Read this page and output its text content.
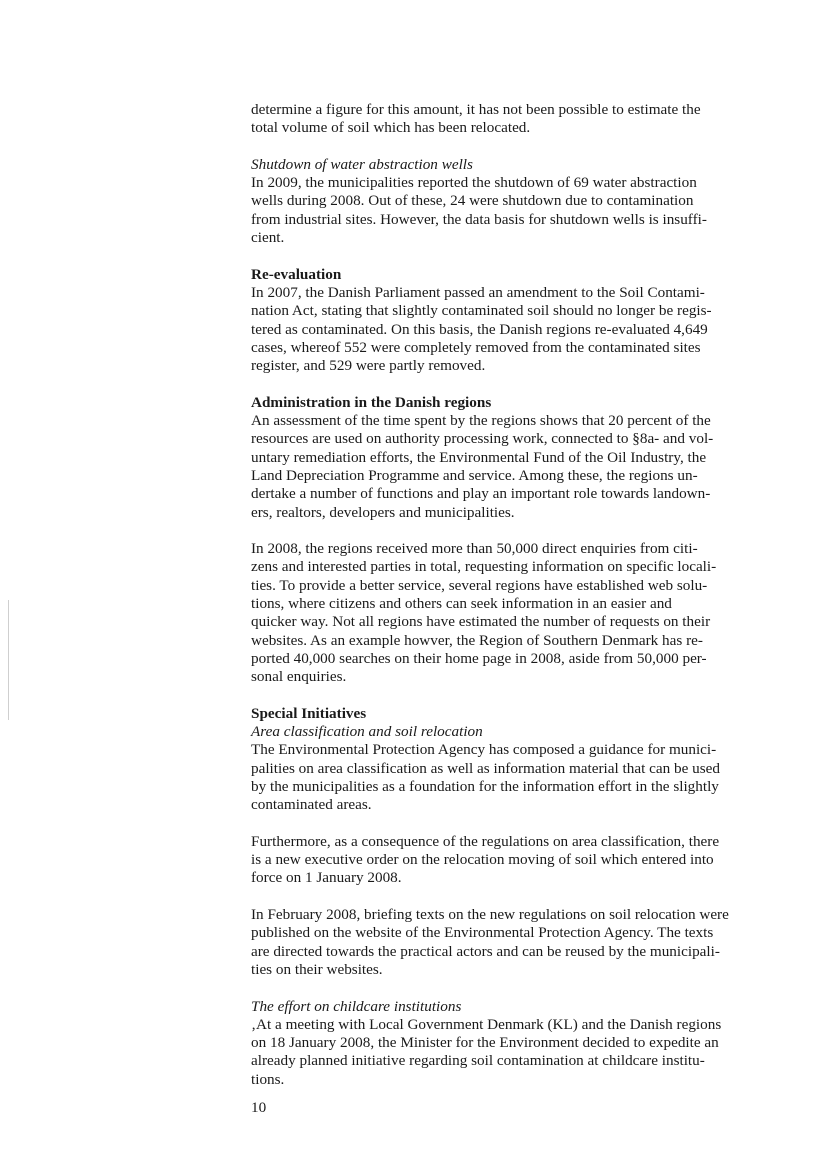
determine a figure for this amount, it has not been possible to estimate the
total volume of soil which has been relocated.
Shutdown of water abstraction wells
In 2009, the municipalities reported the shutdown of 69 water abstraction
wells during 2008. Out of these, 24 were shutdown due to contamination
from industrial sites. However, the data basis for shutdown wells is insuffi-
cient.
Re-evaluation
In 2007, the Danish Parliament passed an amendment to the Soil Contami-
nation Act, stating that slightly contaminated soil should no longer be regis-
tered as contaminated. On this basis, the Danish regions re-evaluated 4,649
cases, whereof 552 were completely removed from the contaminated sites
register, and 529 were partly removed.
Administration in the Danish regions
An assessment of the time spent by the regions shows that 20 percent of the
resources are used on authority processing work, connected to §8a- and vol-
untary remediation efforts, the Environmental Fund of the Oil Industry, the
Land Depreciation Programme and service. Among these, the regions un-
dertake a number of functions and play an important role towards landown-
ers, realtors, developers and municipalities.
In 2008, the regions received more than 50,000 direct enquiries from citi-
zens and interested parties in total, requesting information on specific locali-
ties. To provide a better service, several regions have established web solu-
tions, where citizens and others can seek information in an easier and
quicker way. Not all regions have estimated the number of requests on their
websites. As an example howver, the Region of Southern Denmark has re-
ported 40,000 searches on their home page in 2008, aside from 50,000 per-
sonal enquiries.
Special Initiatives
Area classification and soil relocation
The Environmental Protection Agency has composed a guidance for munici-
palities on area classification as well as information material that can be used
by the municipalities as a foundation for the information effort in the slightly
contaminated areas.
Furthermore, as a consequence of the regulations on area classification, there
is a new executive order on the relocation moving of soil which entered into
force on 1 January 2008.
In February 2008, briefing texts on the new regulations on soil relocation were
published on the website of the Environmental Protection Agency. The texts
are directed towards the practical actors and can be reused by the municipali-
ties on their websites.
The effort on childcare institutions
‚At a meeting with Local Government Denmark (KL) and the Danish regions
on 18 January 2008, the Minister for the Environment decided to expedite an
already planned initiative regarding soil contamination at childcare institu-
tions.
10
